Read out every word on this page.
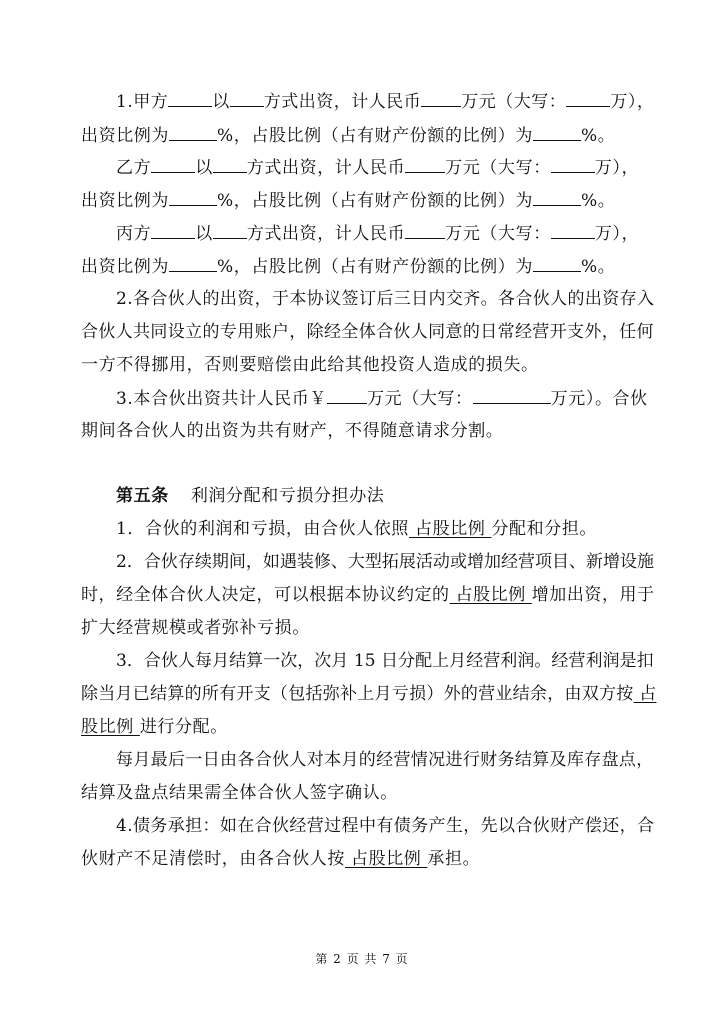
1.甲方	以 方式出资，计人民币 万元（大写：	万），
出资比例为	%，占股比例（占有财产份额的比例）为	%。
乙方	以 方式出资，计人民币 万元（大写：	万），
出资比例为	%，占股比例（占有财产份额的比例）为	%。
丙方	以 方式出资，计人民币 万元（大写：	万），
出资比例为	%，占股比例（占有财产份额的比例）为	%。
2.各合伙人的出资，于本协议签订后三日内交齐。各合伙人的出资存入
合伙人共同设立的专用账户，除经全体合伙人同意的日常经营开支外，任何
一方不得挪用，否则要赔偿由此给其他投资人造成的损失。
3.本合伙出资共计人民币￥ 万元（大写：	万元）。合伙
期间各合伙人的出资为共有财产，不得随意请求分割。
第五条 利润分配和亏损分担办法
1．合伙的利润和亏损，由合伙人依照 占股比例 分配和分担。
2．合伙存续期间，如遇装修、大型拓展活动或增加经营项目、新增设施
时，经全体合伙人决定，可以根据本协议约定的 占股比例 增加出资，用于
扩大经营规模或者弥补亏损。
3．合伙人每月结算一次，次月 15 日分配上月经营利润。经营利润是扣
除当月已结算的所有开支（包括弥补上月亏损）外的营业结余，由双方按 占
股比例 进行分配。
每月最后一日由各合伙人对本月的经营情况进行财务结算及库存盘点，
结算及盘点结果需全体合伙人签字确认。
4.债务承担：如在合伙经营过程中有债务产生，先以合伙财产偿还，合
伙财产不足清偿时，由各合伙人按 占股比例 承担。
第 2 页 共 7 页
